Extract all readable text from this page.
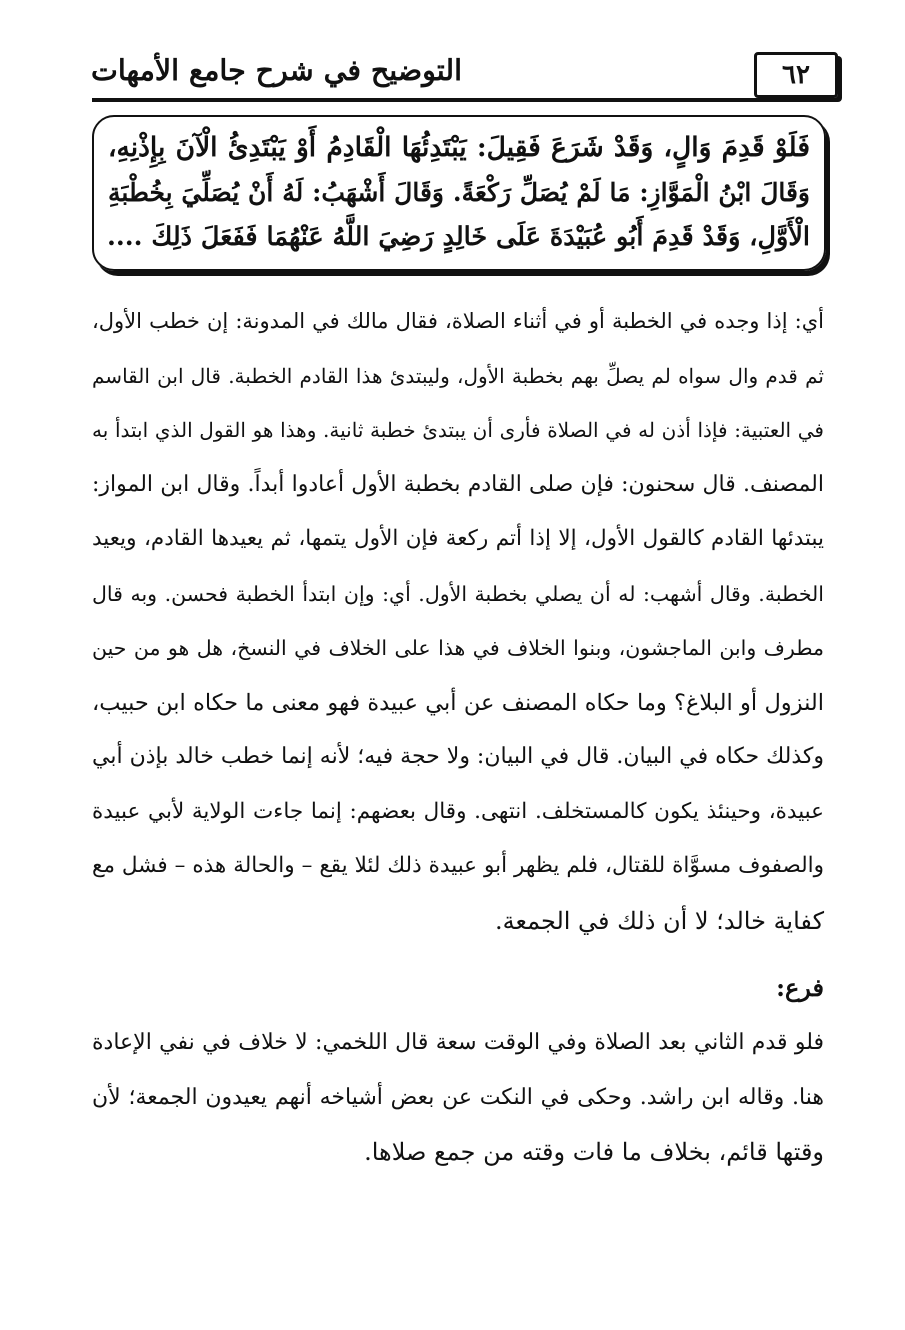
التوضيح في شرح جامع الأمهات	٦٢
فَلَوْ قَدِمَ وَالٍ، وَقَدْ شَرَعَ فَقِيلَ: يَبْتَدِئُهَا الْقَادِمُ أَوْ يَبْتَدِئُ الْآنَ بِإِذْنِهِ،
وَقَالَ ابْنُ الْمَوَّازِ: مَا لَمْ يُصَلِّ رَكْعَةً. وَقَالَ أَشْهَبُ: لَهُ أَنْ يُصَلِّيَ بِخُطْبَةِ
الْأَوَّلِ، وَقَدْ قَدِمَ أَبُو عُبَيْدَةَ عَلَى خَالِدٍ رَضِيَ اللَّهُ عَنْهُمَا فَفَعَلَ ذَلِكَ ....
أي: إذا وجده في الخطبة أو في أثناء الصلاة، فقال مالك في المدونة: إن خطب الأول،
ثم قدم وال سواه لم يصلِّ بهم بخطبة الأول، وليبتدئ هذا القادم الخطبة. قال ابن القاسم
في العتبية: فإذا أذن له في الصلاة فأرى أن يبتدئ خطبة ثانية. وهذا هو القول الذي ابتدأ به
المصنف. قال سحنون: فإن صلى القادم بخطبة الأول أعادوا أبداً. وقال ابن المواز:
يبتدئها القادم كالقول الأول، إلا إذا أتم ركعة فإن الأول يتمها، ثم يعيدها القادم، ويعيد
الخطبة. وقال أشهب: له أن يصلي بخطبة الأول. أي: وإن ابتدأ الخطبة فحسن. وبه قال
مطرف وابن الماجشون، وبنوا الخلاف في هذا على الخلاف في النسخ، هل هو من حين
النزول أو البلاغ؟ وما حكاه المصنف عن أبي عبيدة فهو معنى ما حكاه ابن حبيب،
وكذلك حكاه في البيان. قال في البيان: ولا حجة فيه؛ لأنه إنما خطب خالد بإذن أبي
عبيدة، وحينئذ يكون كالمستخلف. انتهى. وقال بعضهم: إنما جاءت الولاية لأبي عبيدة
والصفوف مسوَّاة للقتال، فلم يظهر أبو عبيدة ذلك لئلا يقع – والحالة هذه – فشل مع
كفاية خالد؛ لا أن ذلك في الجمعة.
فرع:
فلو قدم الثاني بعد الصلاة وفي الوقت سعة قال اللخمي: لا خلاف في نفي الإعادة
هنا. وقاله ابن راشد. وحكى في النكت عن بعض أشياخه أنهم يعيدون الجمعة؛ لأن
وقتها قائم، بخلاف ما فات وقته من جمع صلاها.
